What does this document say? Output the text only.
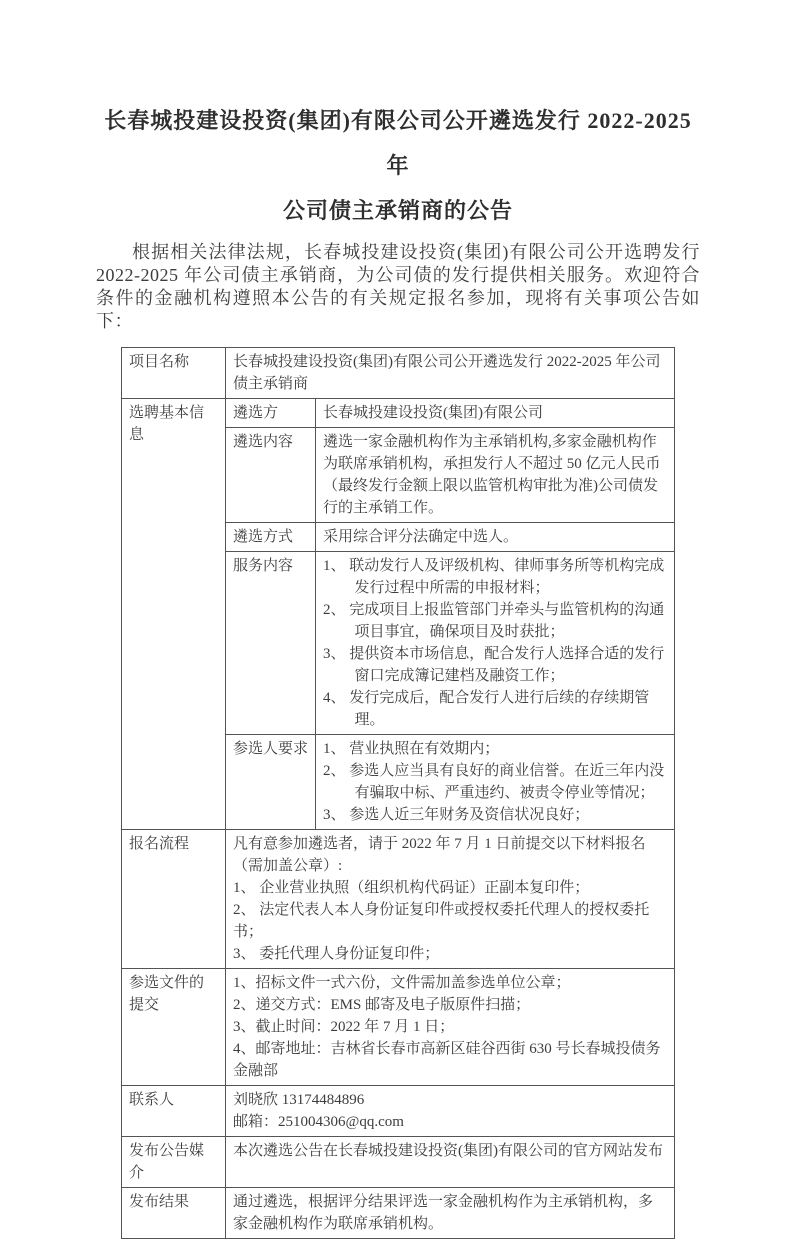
长春城投建设投资(集团)有限公司公开遴选发行 2022-2025 年
公司债主承销商的公告

根据相关法律法规，长春城投建设投资(集团)有限公司公开选聘发行 2022-2025 年公司债主承销商，为公司债的发行提供相关服务。欢迎符合条件的金融机构遵照本公告的有关规定报名参加，现将有关事项公告如下：

项目名称	长春城投建设投资(集团)有限公司公开遴选发行 2022-2025 年公司债主承销商	
选聘基本信息	遴选方	长春城投建设投资(集团)有限公司
	遴选内容	遴选一家金融机构作为主承销机构,多家金融机构作为联席承销机构，承担发行人不超过 50 亿元人民币（最终发行金额上限以监管机构审批为准)公司债发行的主承销工作。
	遴选方式	采用综合评分法确定中选人。
	服务内容	1、 联动发行人及评级机构、律师事务所等机构完成发行过程中所需的申报材料；
2、 完成项目上报监管部门并牵头与监管机构的沟通项目事宜，确保项目及时获批；
3、 提供资本市场信息，配合发行人选择合适的发行窗口完成簿记建档及融资工作；
4、 发行完成后，配合发行人进行后续的存续期管理。

	参选人要求	1、 营业执照在有效期内；
2、 参选人应当具有良好的商业信誉。在近三年内没有骗取中标、严重违约、被责令停业等情况；
3、 参选人近三年财务及资信状况良好；

报名流程	凡有意参加遴选者，请于 2022 年 7 月 1 日前提交以下材料报名（需加盖公章）:
1、 企业营业执照（组织机构代码证）正副本复印件；
2、 法定代表人本人身份证复印件或授权委托代理人的授权委托书；
3、 委托代理人身份证复印件；	

参选文件的提交	1、招标文件一式六份，文件需加盖参选单位公章；
2、递交方式：EMS 邮寄及电子版原件扫描；
3、截止时间：2022 年 7 月 1 日；
4、邮寄地址：吉林省长春市高新区硅谷西街 630 号长春城投债务金融部	

联系人	刘晓欣 13174484896
邮箱：251004306@qq.com	

发布公告媒介	本次遴选公告在长春城投建设投资(集团)有限公司的官方网站发布	
发布结果	通过遴选，根据评分结果评选一家金融机构作为主承销机构，多家金融机构作为联席承销机构。	
